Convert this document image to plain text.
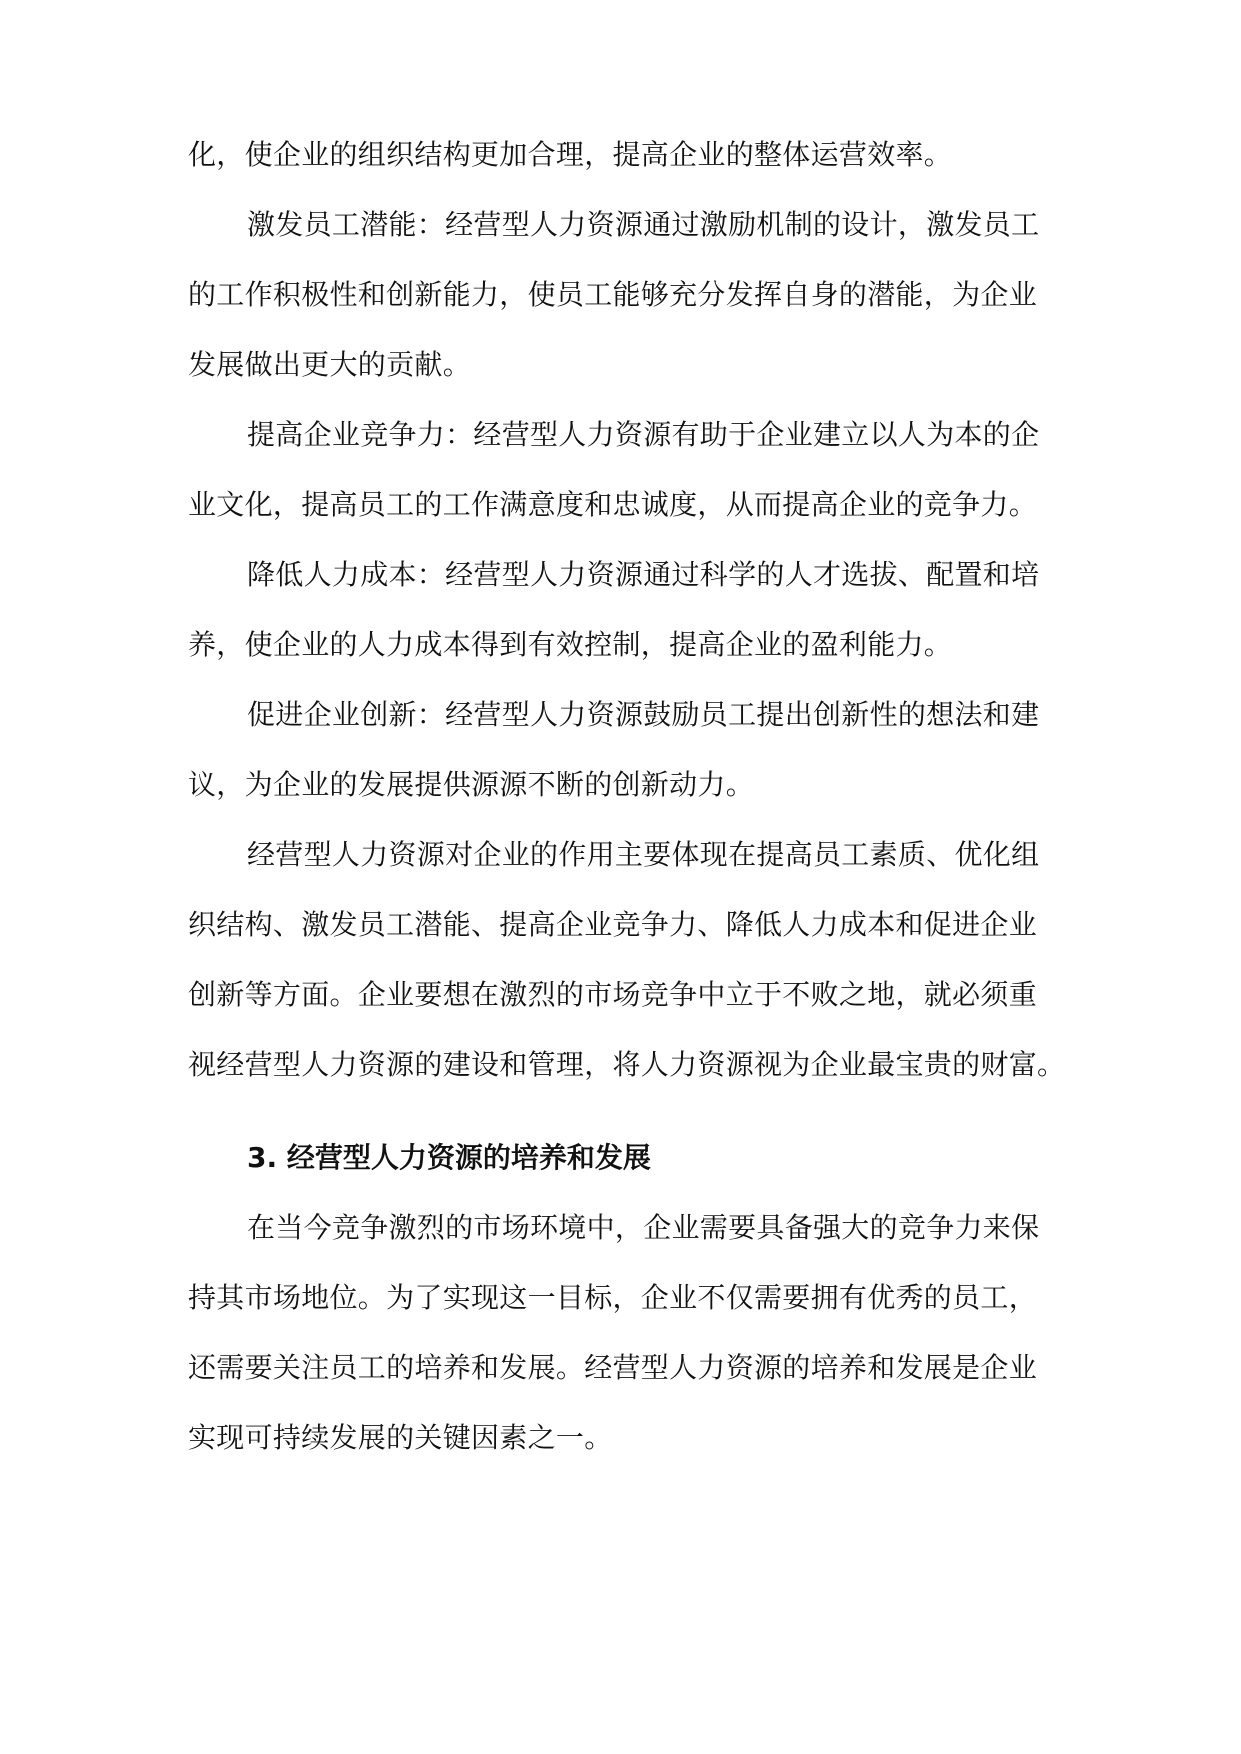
化，使企业的组织结构更加合理，提高企业的整体运营效率。
激发员工潜能：经营型人力资源通过激励机制的设计，激发员工
的工作积极性和创新能力，使员工能够充分发挥自身的潜能，为企业
发展做出更大的贡献。
提高企业竞争力：经营型人力资源有助于企业建立以人为本的企
业文化，提高员工的工作满意度和忠诚度，从而提高企业的竞争力。
降低人力成本：经营型人力资源通过科学的人才选拔、配置和培
养，使企业的人力成本得到有效控制，提高企业的盈利能力。
促进企业创新：经营型人力资源鼓励员工提出创新性的想法和建
议，为企业的发展提供源源不断的创新动力。
经营型人力资源对企业的作用主要体现在提高员工素质、优化组
织结构、激发员工潜能、提高企业竞争力、降低人力成本和促进企业
创新等方面。企业要想在激烈的市场竞争中立于不败之地，就必须重
视经营型人力资源的建设和管理，将人力资源视为企业最宝贵的财富。
3. 经营型人力资源的培养和发展
在当今竞争激烈的市场环境中，企业需要具备强大的竞争力来保
持其市场地位。为了实现这一目标，企业不仅需要拥有优秀的员工，
还需要关注员工的培养和发展。经营型人力资源的培养和发展是企业
实现可持续发展的关键因素之一。
